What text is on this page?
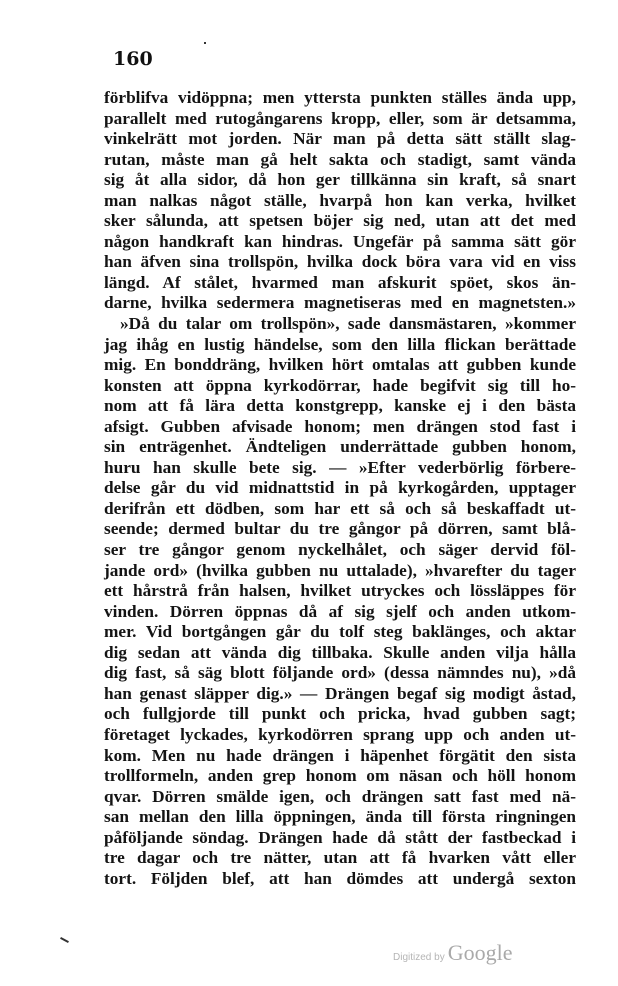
160
förblifva vidöppna; men yttersta punkten ställes ända upp,
parallelt med rutogångarens kropp, eller, som är detsamma,
vinkelrätt mot jorden. När man på detta sätt ställt slag-
rutan, måste man gå helt sakta och stadigt, samt vända
sig åt alla sidor, då hon ger tillkänna sin kraft, så snart
man nalkas något ställe, hvarpå hon kan verka, hvilket
sker sålunda, att spetsen böjer sig ned, utan att det med
någon handkraft kan hindras. Ungefär på samma sätt gör
han äfven sina trollspön, hvilka dock böra vara vid en viss
längd. Af stålet, hvarmed man afskurit spöet, skos än-
darne, hvilka sedermera magnetiseras med en magnetsten.»
»Då du talar om trollspön», sade dansmästaren, »kommer
jag ihåg en lustig händelse, som den lilla flickan berättade
mig. En bonddräng, hvilken hört omtalas att gubben kunde
konsten att öppna kyrkodörrar, hade begifvit sig till ho-
nom att få lära detta konstgrepp, kanske ej i den bästa
afsigt. Gubben afvisade honom; men drängen stod fast i
sin enträgenhet. Ändteligen underrättade gubben honom,
huru han skulle bete sig. — »Efter vederbörlig förbere-
delse går du vid midnattstid in på kyrkogården, upptager
derifrån ett dödben, som har ett så och så beskaffadt ut-
seende; dermed bultar du tre gångor på dörren, samt blå-
ser tre gångor genom nyckelhålet, och säger dervid föl-
jande ord» (hvilka gubben nu uttalade), »hvarefter du tager
ett hårstrå från halsen, hvilket utryckes och lössläppes för
vinden. Dörren öppnas då af sig sjelf och anden utkom-
mer. Vid bortgången går du tolf steg baklänges, och aktar
dig sedan att vända dig tillbaka. Skulle anden vilja hålla
dig fast, så säg blott följande ord» (dessa nämndes nu), »då
han genast släpper dig.» — Drängen begaf sig modigt åstad,
och fullgjorde till punkt och pricka, hvad gubben sagt;
företaget lyckades, kyrkodörren sprang upp och anden ut-
kom. Men nu hade drängen i häpenhet förgätit den sista
trollformeln, anden grep honom om näsan och höll honom
qvar. Dörren smälde igen, och drängen satt fast med nä-
san mellan den lilla öppningen, ända till första ringningen
påföljande söndag. Drängen hade då stått der fastbeckad i
tre dagar och tre nätter, utan att få hvarken vått eller
tort. Följden blef, att han dömdes att undergå sexton
Digitized by Google
